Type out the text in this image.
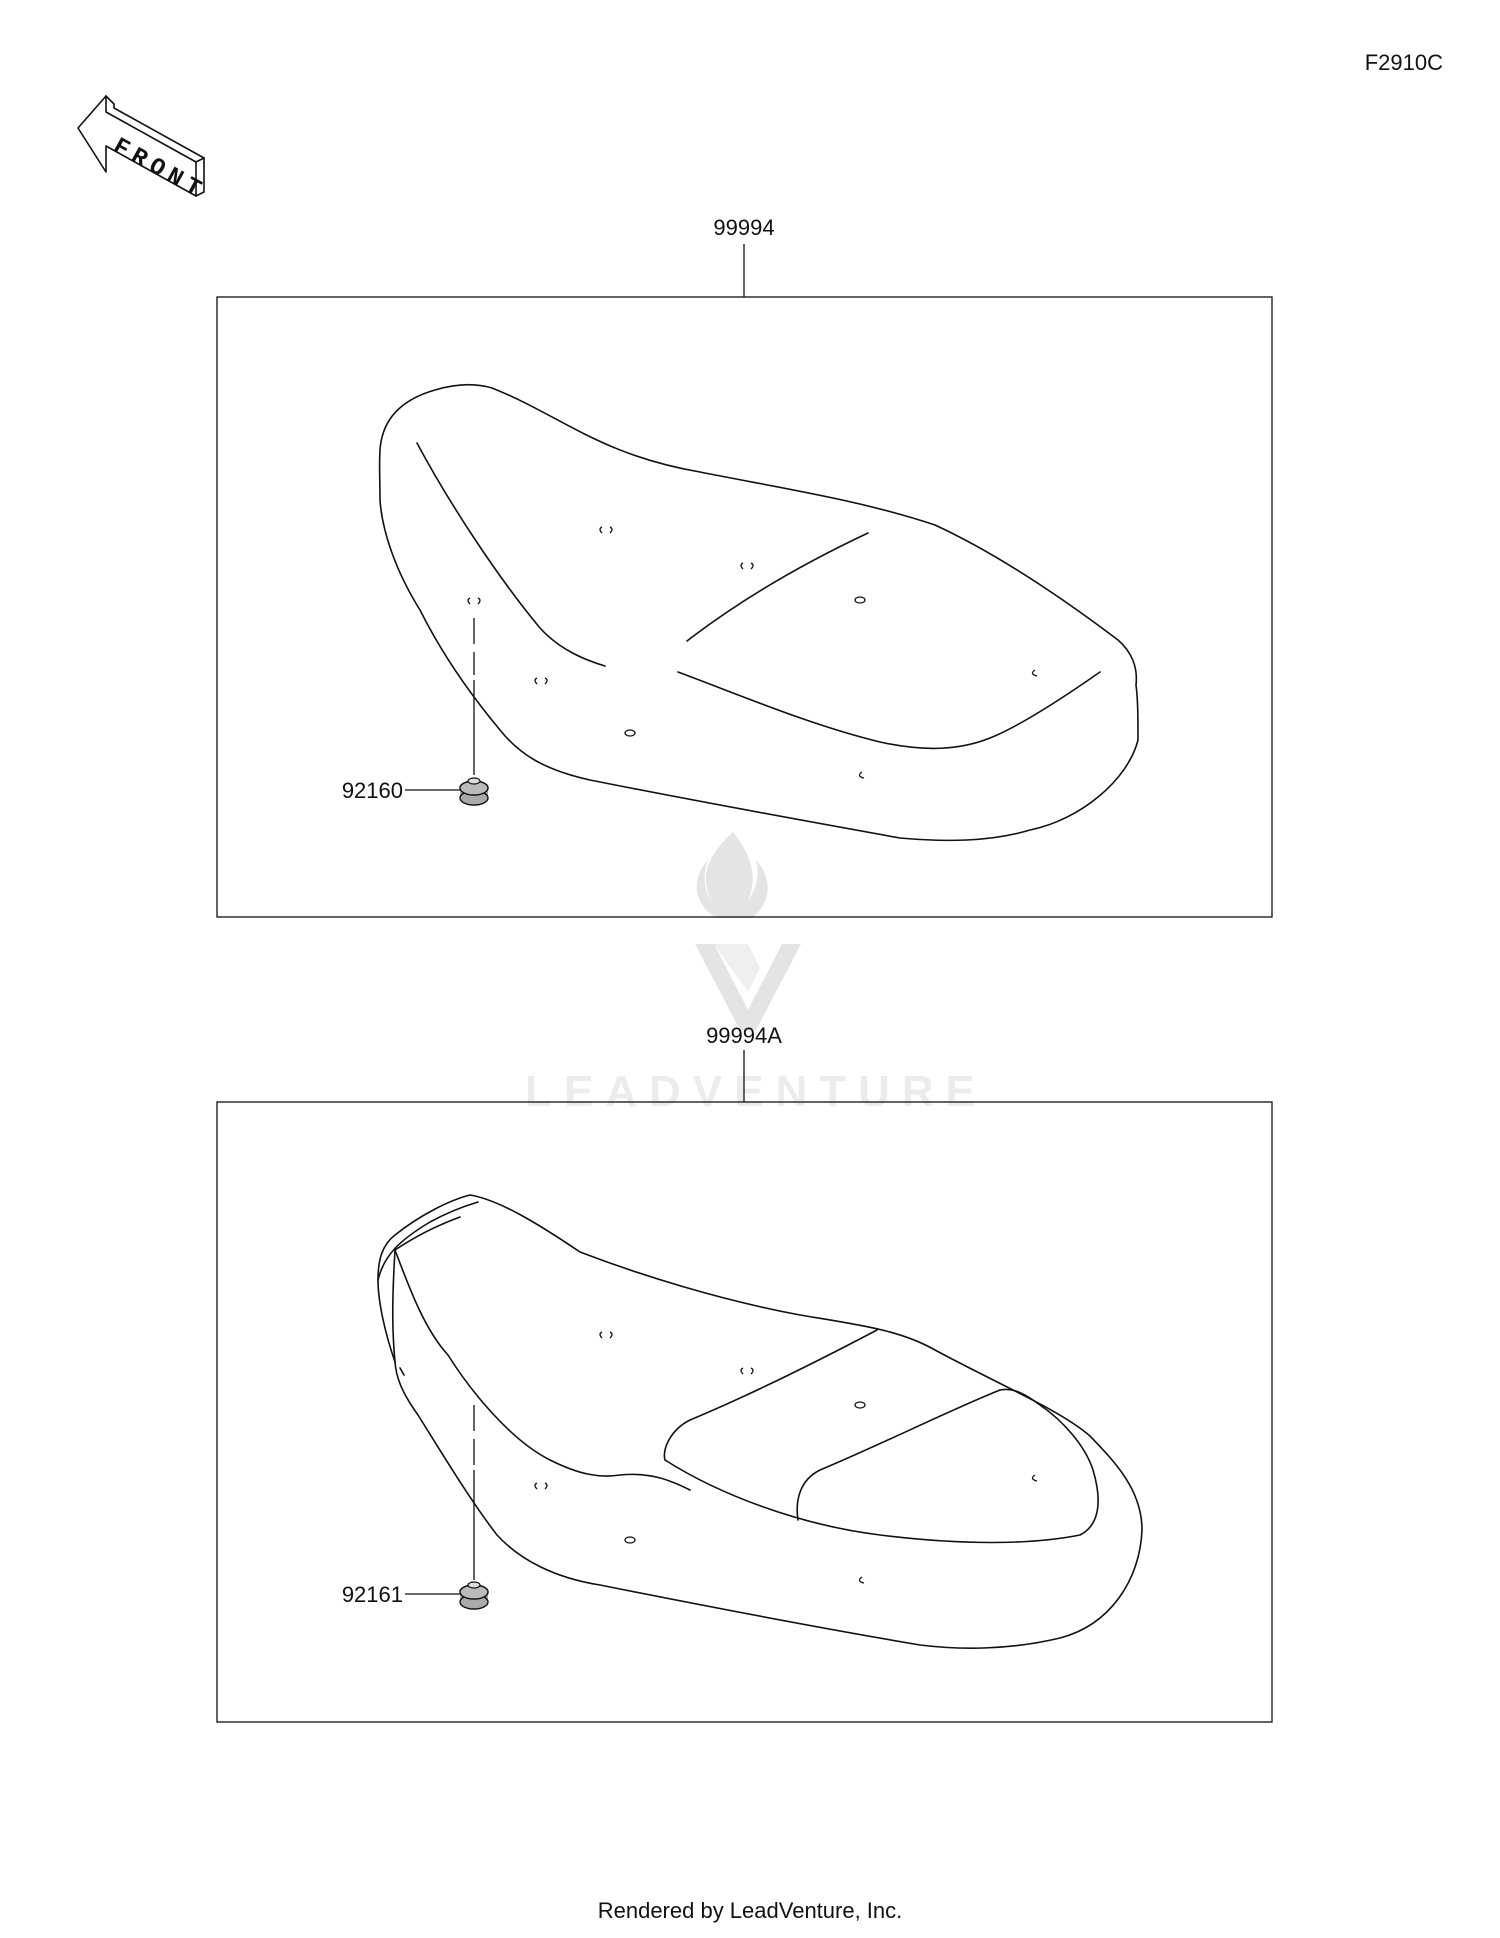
LEADVENTURE
F2910C
FRONT
99994
92160
99994A
92161
Rendered by LeadVenture, Inc.
